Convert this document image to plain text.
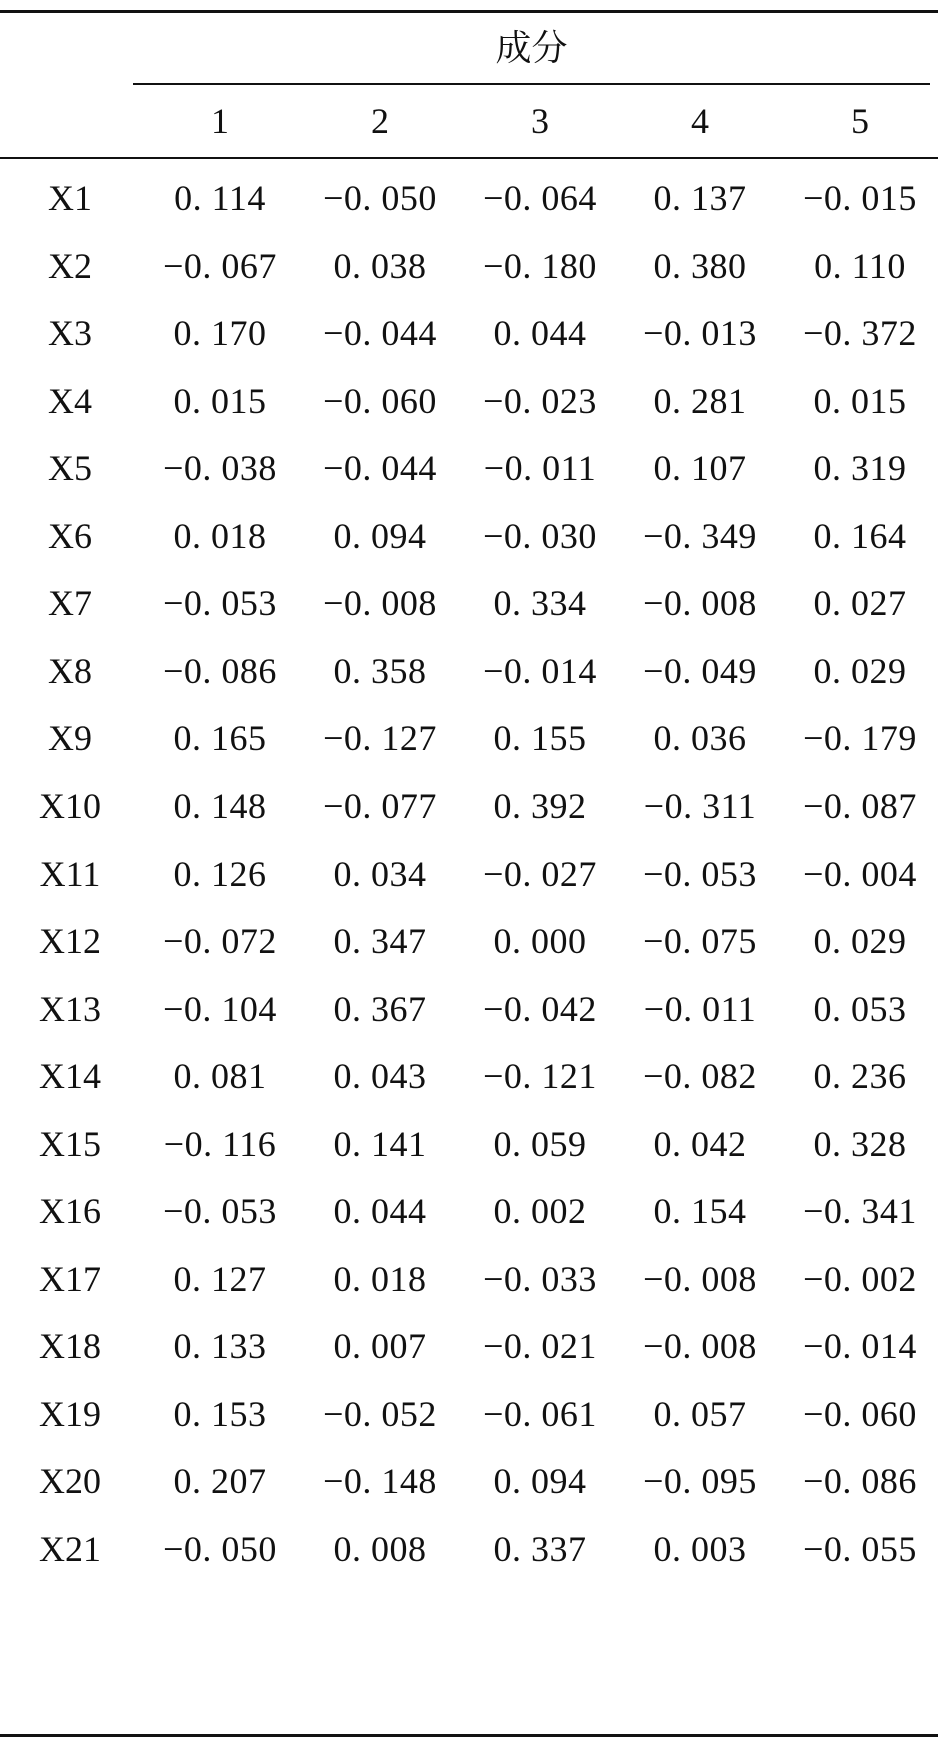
成分
1	2	3	4	5
X1	0. 114	−0. 050	−0. 064	0. 137	−0. 015
X2	−0. 067	0. 038	−0. 180	0. 380	0. 110
X3	0. 170	−0. 044	0. 044	−0. 013	−0. 372
X4	0. 015	−0. 060	−0. 023	0. 281	0. 015
X5	−0. 038	−0. 044	−0. 011	0. 107	0. 319
X6	0. 018	0. 094	−0. 030	−0. 349	0. 164
X7	−0. 053	−0. 008	0. 334	−0. 008	0. 027
X8	−0. 086	0. 358	−0. 014	−0. 049	0. 029
X9	0. 165	−0. 127	0. 155	0. 036	−0. 179
X10	0. 148	−0. 077	0. 392	−0. 311	−0. 087
X11	0. 126	0. 034	−0. 027	−0. 053	−0. 004
X12	−0. 072	0. 347	0. 000	−0. 075	0. 029
X13	−0. 104	0. 367	−0. 042	−0. 011	0. 053
X14	0. 081	0. 043	−0. 121	−0. 082	0. 236
X15	−0. 116	0. 141	0. 059	0. 042	0. 328
X16	−0. 053	0. 044	0. 002	0. 154	−0. 341
X17	0. 127	0. 018	−0. 033	−0. 008	−0. 002
X18	0. 133	0. 007	−0. 021	−0. 008	−0. 014
X19	0. 153	−0. 052	−0. 061	0. 057	−0. 060
X20	0. 207	−0. 148	0. 094	−0. 095	−0. 086
X21	−0. 050	0. 008	0. 337	0. 003	−0. 055
